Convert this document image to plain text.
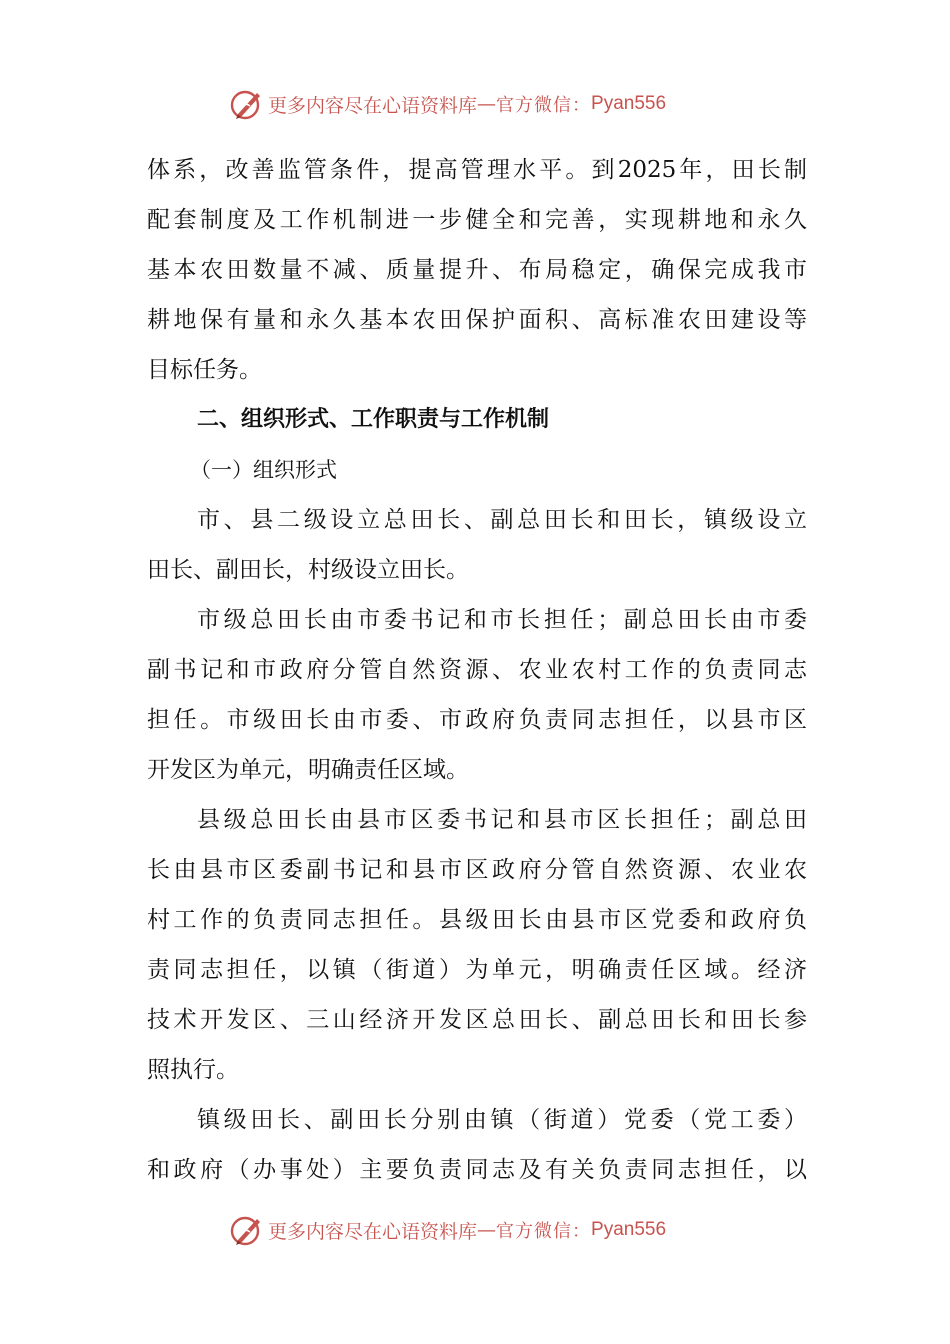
更多内容尽在心语资料库 — 官方微信： Pyan556
体系，改善监管条件，提高管理水平。到2025年，田长制
配套制度及工作机制进一步健全和完善，实现耕地和永久
基本农田数量不减、质量提升、布局稳定，确保完成我市
耕地保有量和永久基本农田保护面积、高标准农田建设等
目标任务。
二、组织形式、工作职责与工作机制
（一）组织形式
市、县二级设立总田长、副总田长和田长，镇级设立
田长、副田长，村级设立田长。
市级总田长由市委书记和市长担任；副总田长由市委
副书记和市政府分管自然资源、农业农村工作的负责同志
担任。市级田长由市委、市政府负责同志担任，以县市区
开发区为单元，明确责任区域。
县级总田长由县市区委书记和县市区长担任；副总田
长由县市区委副书记和县市区政府分管自然资源、农业农
村工作的负责同志担任。县级田长由县市区党委和政府负
责同志担任，以镇（街道）为单元，明确责任区域。经济
技术开发区、三山经济开发区总田长、副总田长和田长参
照执行。
镇级田长、副田长分别由镇（街道）党委（党工委）
和政府（办事处）主要负责同志及有关负责同志担任，以
更多内容尽在心语资料库 — 官方微信： Pyan556
